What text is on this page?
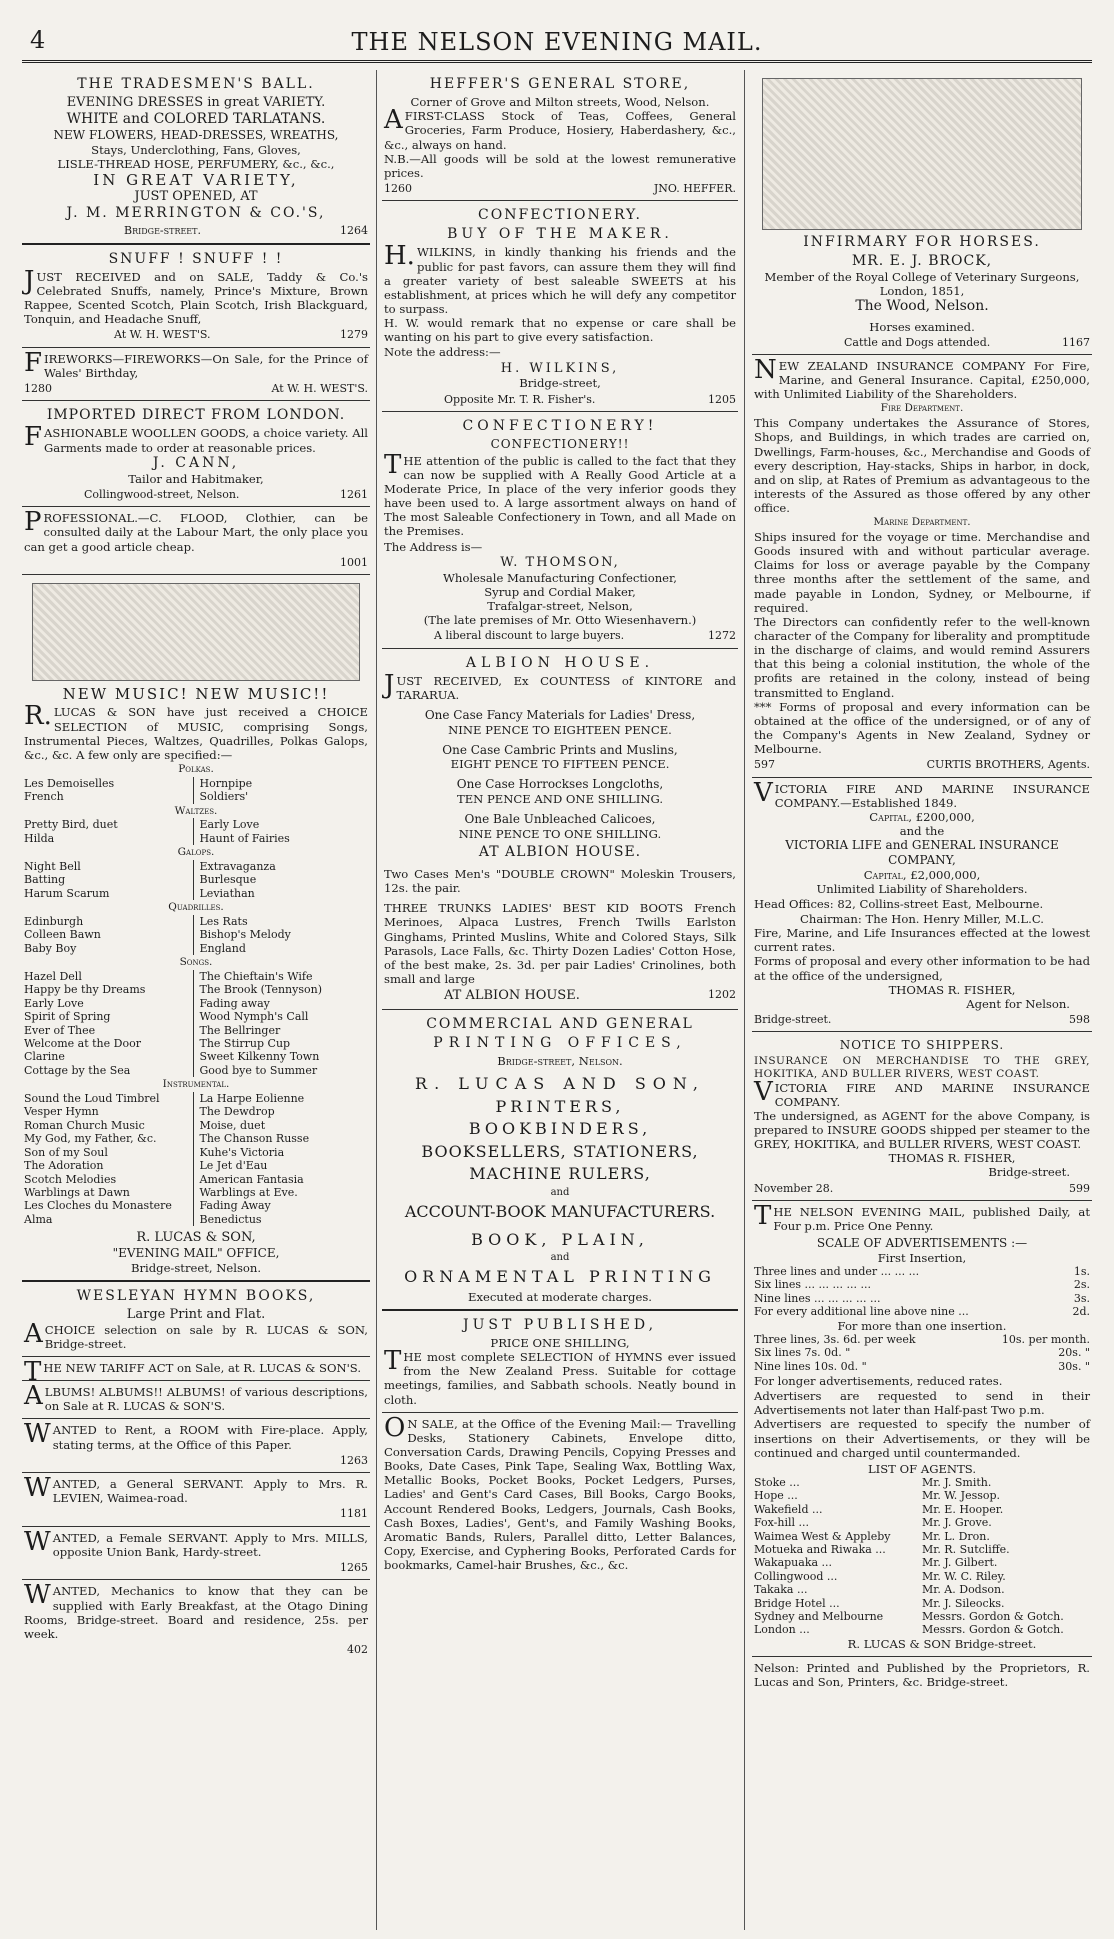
4	THE NELSON EVENING MAIL.
THE TRADESMEN'S BALL.
EVENING DRESSES in great VARIETY.
WHITE and COLORED TARLATANS.
NEW FLOWERS, HEAD-DRESSES, WREATHS,
Stays, Underclothing, Fans, Gloves,
LISLE-THREAD HOSE, PERFUMERY, &c., &c.,
IN GREAT VARIETY,
JUST OPENED, AT
J. M. MERRINGTON & CO.'S,
Bridge-street.	1264
SNUFF ! SNUFF ! !
JUST RECEIVED and on SALE, Taddy & Co.'s Celebrated Snuffs, namely, Prince's Mixture, Brown Rappee, Scented Scotch, Plain Scotch, Irish Blackguard, Tonquin, and Headache Snuff,
At W. H. WEST'S.	1279
FIREWORKS—FIREWORKS—On Sale, for the Prince of Wales' Birthday,
1280	At W. H. WEST'S.
IMPORTED DIRECT FROM LONDON.
FASHIONABLE WOOLLEN GOODS, a choice variety. All Garments made to order at reasonable prices.
J. CANN,
Tailor and Habitmaker,
Collingwood-street, Nelson.	1261
PROFESSIONAL.—C. FLOOD, Clothier, can be consulted daily at the Labour Mart, the only place you can get a good article cheap.
1001
NEW MUSIC! NEW MUSIC!!
R.LUCAS & SON have just received a CHOICE SELECTION of MUSIC, comprising Songs, Instrumental Pieces, Waltzes, Quadrilles, Polkas Galops, &c., &c. A few only are specified:—
Polkas.
Les Demoiselles	Hornpipe
French	Soldiers'
Waltzes.
Pretty Bird, duet	Early Love
Hilda	Haunt of Fairies
Galops.
Night Bell	Extravaganza
Batting	Burlesque
Harum Scarum	Leviathan
Quadrilles.
Edinburgh	Les Rats
Colleen Bawn	Bishop's Melody
Baby Boy	England
Songs.
Hazel Dell	The Chieftain's Wife
Happy be thy Dreams	The Brook (Tennyson)
Early Love	Fading away
Spirit of Spring	Wood Nymph's Call
Ever of Thee	The Bellringer
Welcome at the Door	The Stirrup Cup
Clarine	Sweet Kilkenny Town
Cottage by the Sea	Good bye to Summer
Instrumental.
Sound the Loud Timbrel	La Harpe Eolienne
Vesper Hymn	The Dewdrop
Roman Church Music	Moise, duet
My God, my Father, &c.	The Chanson Russe
Son of my Soul	Kuhe's Victoria
The Adoration	Le Jet d'Eau
Scotch Melodies	American Fantasia
Warblings at Dawn	Warblings at Eve.
Les Cloches du Monastere	Fading Away
Alma	Benedictus
R. LUCAS & SON,
"EVENING MAIL" OFFICE,
Bridge-street, Nelson.
WESLEYAN HYMN BOOKS,
Large Print and Flat.
ACHOICE selection on sale by R. LUCAS & SON, Bridge-street.
THE NEW TARIFF ACT on Sale, at R. LUCAS & SON'S.
ALBUMS! ALBUMS!! ALBUMS! of various descriptions, on Sale at R. LUCAS & SON'S.
WANTED to Rent, a ROOM with Fire-place. Apply, stating terms, at the Office of this Paper.
1263
WANTED, a General SERVANT. Apply to Mrs. R. LEVIEN, Waimea-road.
1181
WANTED, a Female SERVANT. Apply to Mrs. MILLS, opposite Union Bank, Hardy-street.
1265
WANTED, Mechanics to know that they can be supplied with Early Breakfast, at the Otago Dining Rooms, Bridge-street. Board and residence, 25s. per week.
402
HEFFER'S GENERAL STORE,
Corner of Grove and Milton streets, Wood, Nelson.
AFIRST-CLASS Stock of Teas, Coffees, General Groceries, Farm Produce, Hosiery, Haberdashery, &c., &c., always on hand.
N.B.—All goods will be sold at the lowest remunerative prices.
1260	JNO. HEFFER.
CONFECTIONERY.
BUY OF THE MAKER.
H.WILKINS, in kindly thanking his friends and the public for past favors, can assure them they will find a greater variety of best saleable SWEETS at his establishment, at prices which he will defy any competitor to surpass.
H. W. would remark that no expense or care shall be wanting on his part to give every satisfaction.
Note the address:—
H. WILKINS,
Bridge-street,
Opposite Mr. T. R. Fisher's.	1205
CONFECTIONERY!
CONFECTIONERY!!
THE attention of the public is called to the fact that they can now be supplied with A Really Good Article at a Moderate Price, In place of the very inferior goods they have been used to. A large assortment always on hand of The most Saleable Confectionery in Town, and all Made on the Premises.
The Address is—
W. THOMSON,
Wholesale Manufacturing Confectioner,
Syrup and Cordial Maker,
Trafalgar-street, Nelson,
(The late premises of Mr. Otto Wiesenhavern.)
A liberal discount to large buyers.	1272
ALBION HOUSE.
JUST RECEIVED, Ex COUNTESS of KINTORE and TARARUA.
One Case Fancy Materials for Ladies' Dress,
NINE PENCE TO EIGHTEEN PENCE.
One Case Cambric Prints and Muslins,
EIGHT PENCE TO FIFTEEN PENCE.
One Case Horrockses Longcloths,
TEN PENCE AND ONE SHILLING.
One Bale Unbleached Calicoes,
NINE PENCE TO ONE SHILLING.
AT ALBION HOUSE.
Two Cases Men's "DOUBLE CROWN" Moleskin Trousers, 12s. the pair.
THREE TRUNKS LADIES' BEST KID BOOTS French Merinoes, Alpaca Lustres, French Twills Earlston Ginghams, Printed Muslins, White and Colored Stays, Silk Parasols, Lace Falls, &c. Thirty Dozen Ladies' Cotton Hose, of the best make, 2s. 3d. per pair Ladies' Crinolines, both small and large
AT ALBION HOUSE.	1202
COMMERCIAL AND GENERAL
PRINTING OFFICES,
Bridge-street, Nelson.
R. LUCAS AND SON,
PRINTERS,
BOOKBINDERS,
BOOKSELLERS, STATIONERS,
MACHINE RULERS,
and
ACCOUNT-BOOK MANUFACTURERS.
BOOK, PLAIN,
and
ORNAMENTAL PRINTING
Executed at moderate charges.
JUST PUBLISHED,
PRICE ONE SHILLING,
THE most complete SELECTION of HYMNS ever issued from the New Zealand Press. Suitable for cottage meetings, families, and Sabbath schools. Neatly bound in cloth.
ON SALE, at the Office of the Evening Mail:— Travelling Desks, Stationery Cabinets, Envelope ditto, Conversation Cards, Drawing Pencils, Copying Presses and Books, Date Cases, Pink Tape, Sealing Wax, Bottling Wax, Metallic Books, Pocket Books, Pocket Ledgers, Purses, Ladies' and Gent's Card Cases, Bill Books, Cargo Books, Account Rendered Books, Ledgers, Journals, Cash Books, Cash Boxes, Ladies', Gent's, and Family Washing Books, Aromatic Bands, Rulers, Parallel ditto, Letter Balances, Copy, Exercise, and Cyphering Books, Perforated Cards for bookmarks, Camel-hair Brushes, &c., &c.
INFIRMARY FOR HORSES.
MR. E. J. BROCK,
Member of the Royal College of Veterinary Surgeons, London, 1851,
The Wood, Nelson.
Horses examined.
Cattle and Dogs attended.	1167
NEW ZEALAND INSURANCE COMPANY For Fire, Marine, and General Insurance. Capital, £250,000, with Unlimited Liability of the Shareholders.
Fire Department.
This Company undertakes the Assurance of Stores, Shops, and Buildings, in which trades are carried on, Dwellings, Farm-houses, &c., Merchandise and Goods of every description, Hay-stacks, Ships in harbor, in dock, and on slip, at Rates of Premium as advantageous to the interests of the Assured as those offered by any other office.
Marine Department.
Ships insured for the voyage or time. Merchandise and Goods insured with and without particular average. Claims for loss or average payable by the Company three months after the settlement of the same, and made payable in London, Sydney, or Melbourne, if required.
The Directors can confidently refer to the well-known character of the Company for liberality and promptitude in the discharge of claims, and would remind Assurers that this being a colonial institution, the whole of the profits are retained in the colony, instead of being transmitted to England.
*** Forms of proposal and every information can be obtained at the office of the undersigned, or of any of the Company's Agents in New Zealand, Sydney or Melbourne.
597	CURTIS BROTHERS, Agents.
VICTORIA FIRE AND MARINE INSURANCE COMPANY.—Established 1849.
Capital, £200,000,
and the
VICTORIA LIFE and GENERAL INSURANCE COMPANY,
Capital, £2,000,000,
Unlimited Liability of Shareholders.
Head Offices: 82, Collins-street East, Melbourne.
Chairman: The Hon. Henry Miller, M.L.C.
Fire, Marine, and Life Insurances effected at the lowest current rates.
Forms of proposal and every other information to be had at the office of the undersigned,
THOMAS R. FISHER,
Agent for Nelson.
Bridge-street.	598
NOTICE TO SHIPPERS.
INSURANCE ON MERCHANDISE TO THE GREY, HOKITIKA, AND BULLER RIVERS, WEST COAST.
VICTORIA FIRE AND MARINE INSURANCE COMPANY.
The undersigned, as AGENT for the above Company, is prepared to INSURE GOODS shipped per steamer to the GREY, HOKITIKA, and BULLER RIVERS, WEST COAST.
THOMAS R. FISHER,
Bridge-street.
November 28.	599
THE NELSON EVENING MAIL, published Daily, at Four p.m. Price One Penny.
SCALE OF ADVERTISEMENTS :—
First Insertion,
Three lines and under ... ... ...	1s.
Six lines ... ... ... ... ...	2s.
Nine lines ... ... ... ... ...	3s.
For every additional line above nine ...	2d.
For more than one insertion.
Three lines, 3s. 6d. per week	10s. per month.
Six lines 7s. 0d. "	20s. "
Nine lines 10s. 0d. "	30s. "
For longer advertisements, reduced rates.
Advertisers are requested to send in their Advertisements not later than Half-past Two p.m.
Advertisers are requested to specify the number of insertions on their Advertisements, or they will be continued and charged until countermanded.
LIST OF AGENTS.
Stoke ...	Mr. J. Smith.
Hope ...	Mr. W. Jessop.
Wakefield ...	Mr. E. Hooper.
Fox-hill ...	Mr. J. Grove.
Waimea West & Appleby	Mr. L. Dron.
Motueka and Riwaka ...	Mr. R. Sutcliffe.
Wakapuaka ...	Mr. J. Gilbert.
Collingwood ...	Mr. W. C. Riley.
Takaka ...	Mr. A. Dodson.
Bridge Hotel ...	Mr. J. Sileocks.
Sydney and Melbourne	Messrs. Gordon & Gotch.
London ...	Messrs. Gordon & Gotch.
R. LUCAS & SON Bridge-street.
Nelson: Printed and Published by the Proprietors, R. Lucas and Son, Printers, &c. Bridge-street.
